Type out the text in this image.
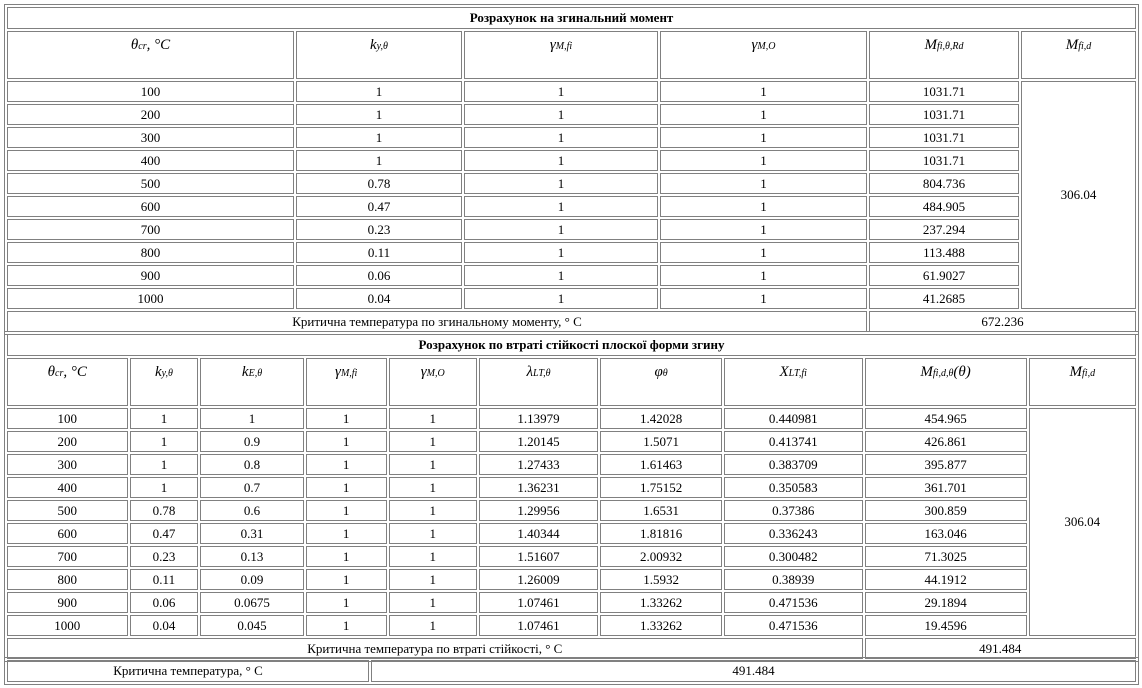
Розрахунок на згинальний момент					
θcr, °C	ky,θ	γM,fi	γM,O	Mfi,θ,Rd	Mfi,d
100	1	1	1	1031.71	306.04
200	1	1	1	1031.71	
300	1	1	1	1031.71	
400	1	1	1	1031.71	
500	0.78	1	1	804.736	
600	0.47	1	1	484.905	
700	0.23	1	1	237.294	
800	0.11	1	1	113.488	
900	0.06	1	1	61.9027	
1000	0.04	1	1	41.2685	
Критична температура по згинальному моменту, ° C				672.236	
Розрахунок по втраті стійкості плоскої форми згину									
θcr, °C	ky,θ	kE,θ	γM,fi	γM,O	λLT,θ	φθ	XLT,fi	Mfi,d,θ(θ)	Mfi,d
100	1	1	1	1	1.13979	1.42028	0.440981	454.965	306.04
200	1	0.9	1	1	1.20145	1.5071	0.413741	426.861	
300	1	0.8	1	1	1.27433	1.61463	0.383709	395.877	
400	1	0.7	1	1	1.36231	1.75152	0.350583	361.701	
500	0.78	0.6	1	1	1.29956	1.6531	0.37386	300.859	
600	0.47	0.31	1	1	1.40344	1.81816	0.336243	163.046	
700	0.23	0.13	1	1	1.51607	2.00932	0.300482	71.3025	
800	0.11	0.09	1	1	1.26009	1.5932	0.38939	44.1912	
900	0.06	0.0675	1	1	1.07461	1.33262	0.471536	29.1894	
1000	0.04	0.045	1	1	1.07461	1.33262	0.471536	19.4596	
Критична температура по втраті стійкості, ° C								491.484	
Критична температура, ° C	491.484
